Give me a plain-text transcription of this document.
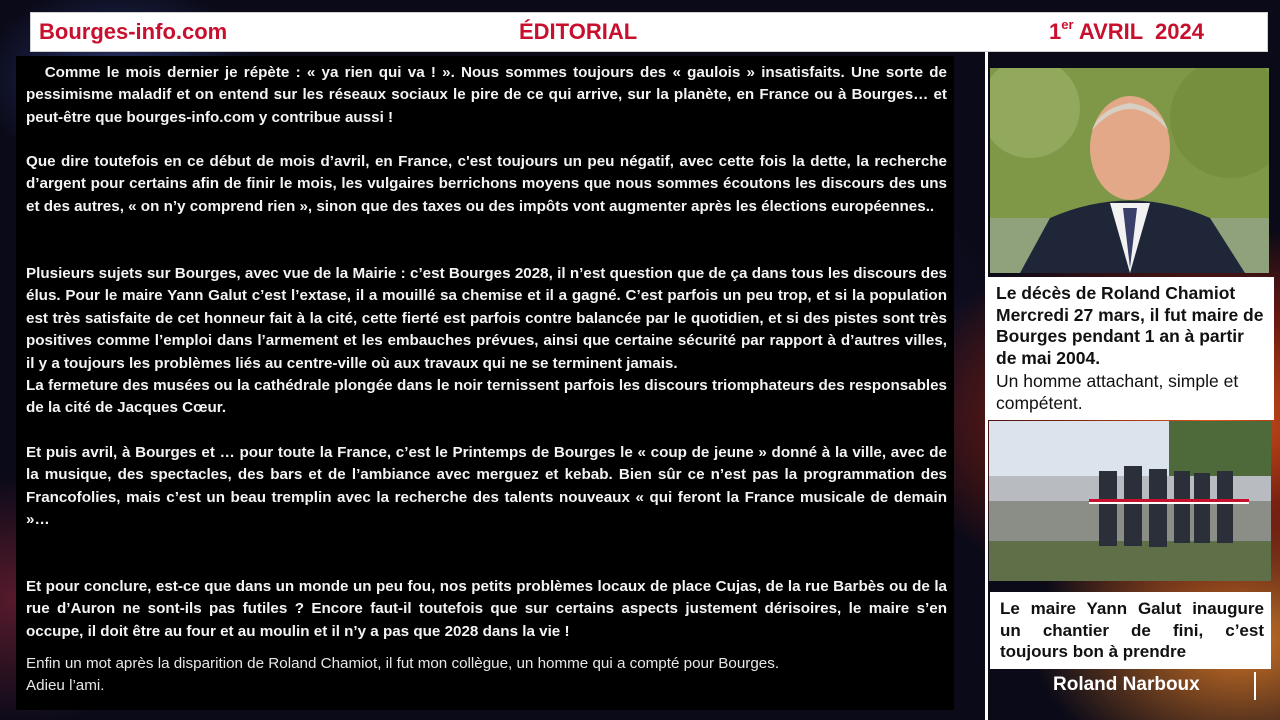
Bourges-info.com	ÉDITORIAL	1er AVRIL  2024

Comme le mois dernier je répète : « ya rien qui va ! ». Nous sommes toujours des « gaulois » insatisfaits. Une sorte de pessimisme maladif et on entend sur les réseaux sociaux le pire de ce qui arrive, sur la planète, en France ou à Bourges… et peut-être que bourges-info.com y contribue aussi !

Que dire toutefois en ce début de mois d’avril, en France, c'est toujours un peu négatif, avec cette fois la dette, la recherche d’argent pour certains afin de finir le mois, les vulgaires berrichons moyens que nous sommes écoutons les discours des uns et des autres, « on n’y comprend rien », sinon que des taxes ou des impôts vont augmenter après les élections européennes..

Plusieurs sujets sur Bourges, avec vue de la Mairie : c’est Bourges 2028, il n’est question que de ça dans tous les discours des élus. Pour le maire Yann Galut c’est l’extase, il a mouillé sa chemise et il a gagné. C’est parfois un peu trop, et si la population est très satisfaite de cet honneur fait à la cité, cette fierté est parfois contre balancée par le quotidien, et si des pistes sont très positives comme l’emploi dans l’armement et les embauches prévues, ainsi que certaine sécurité par rapport à d’autres villes, il y a toujours les problèmes liés au centre-ville où aux travaux qui ne se terminent jamais.
La fermeture des musées ou la cathédrale plongée dans le noir ternissent parfois les discours triomphateurs des responsables de la cité de Jacques Cœur.

Et puis avril, à Bourges et … pour toute la France, c’est le Printemps de Bourges le « coup de jeune » donné à la ville, avec de la musique, des spectacles, des bars et de l’ambiance avec merguez et kebab. Bien sûr ce n’est pas la programmation des Francofolies, mais c’est un beau tremplin avec la recherche des talents nouveaux « qui feront la France musicale de demain »…

Et pour conclure, est-ce que dans un monde un peu fou, nos petits problèmes locaux de place Cujas, de la rue Barbès ou de la rue d’Auron ne sont-ils pas futiles ? Encore faut-il toutefois que sur certains aspects justement dérisoires, le maire s’en occupe, il doit être au four et au moulin et il n’y a pas que 2028 dans la vie !

Enfin un mot après la disparition de Roland Chamiot, il fut mon collègue, un homme qui a compté pour Bourges.
Adieu l’ami.

Le décès de Roland Chamiot Mercredi 27 mars, il fut maire de Bourges pendant 1 an à partir de mai 2004.

Un homme attachant, simple et compétent.

Le maire Yann Galut inaugure un chantier de fini, c’est toujours bon à prendre

Roland Narboux
